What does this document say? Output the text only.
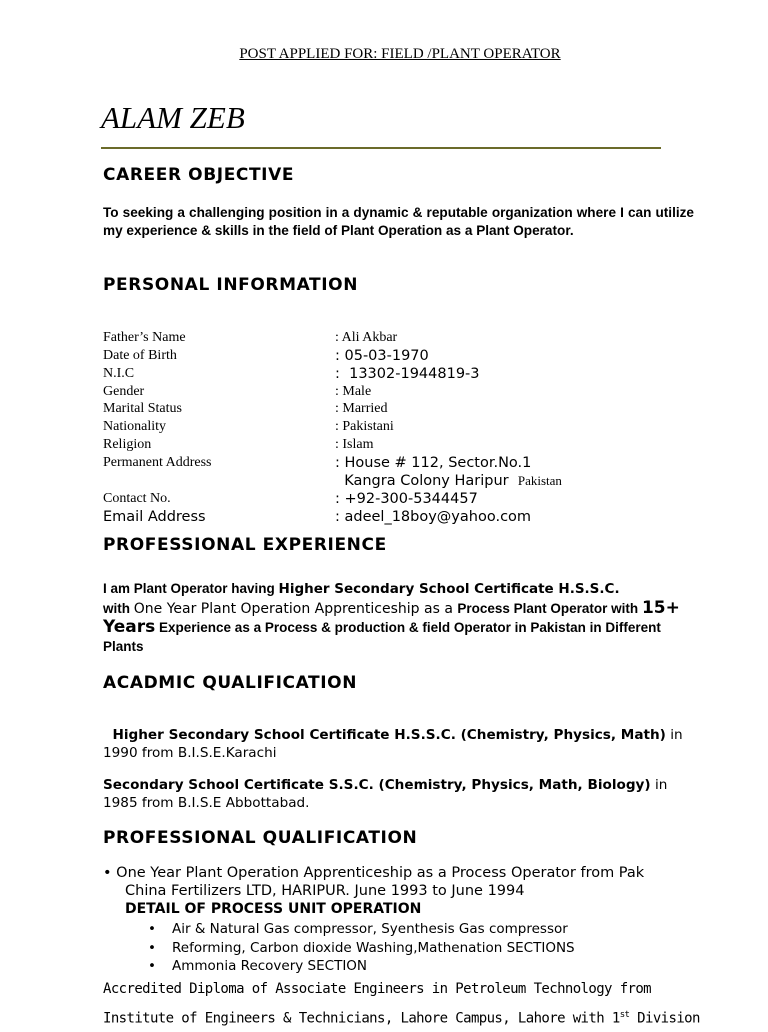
POST APPLIED FOR: FIELD /PLANT OPERATOR
ALAM ZEB
CAREER OBJECTIVE
To seeking a challenging position in a dynamic & reputable organization where I can utilize my experience & skills in the field of Plant Operation as a Plant Operator.
PERSONAL INFORMATION
Father’s Name	: Ali Akbar
Date of Birth	: 05-03-1970
N.I.C	:  13302-1944819-3
Gender	: Male
Marital Status	: Married
Nationality	: Pakistani
Religion	: Islam
Permanent Address	: House # 112, Sector.No.1
Kangra Colony Haripur Pakistan
Contact No.	: +92-300-5344457
Email Address	: adeel_18boy@yahoo.com
PROFESSIONAL EXPERIENCE
I am Plant Operator having Higher Secondary School Certificate H.S.S.C.
with One Year Plant Operation Apprenticeship as a Process Plant Operator with 15+ Years Experience as a Process & production & field Operator in Pakistan in Different Plants
ACADMIC QUALIFICATION
Higher Secondary School Certificate H.S.S.C. (Chemistry, Physics, Math) in 1990 from B.I.S.E.Karachi
Secondary School Certificate S.S.C. (Chemistry, Physics, Math, Biology) in 1985 from B.I.S.E Abbottabad.
PROFESSIONAL QUALIFICATION
• One Year Plant Operation Apprenticeship as a Process Operator from Pak
China Fertilizers LTD, HARIPUR. June 1993 to June 1994
DETAIL OF PROCESS UNIT OPERATION
• Air & Natural Gas compressor, Syenthesis Gas compressor
• Reforming, Carbon dioxide Washing,Mathenation SECTIONS
• Ammonia Recovery SECTION
Accredited Diploma of Associate Engineers in Petroleum Technology from
Institute of Engineers & Technicians, Lahore Campus, Lahore with 1st Division
